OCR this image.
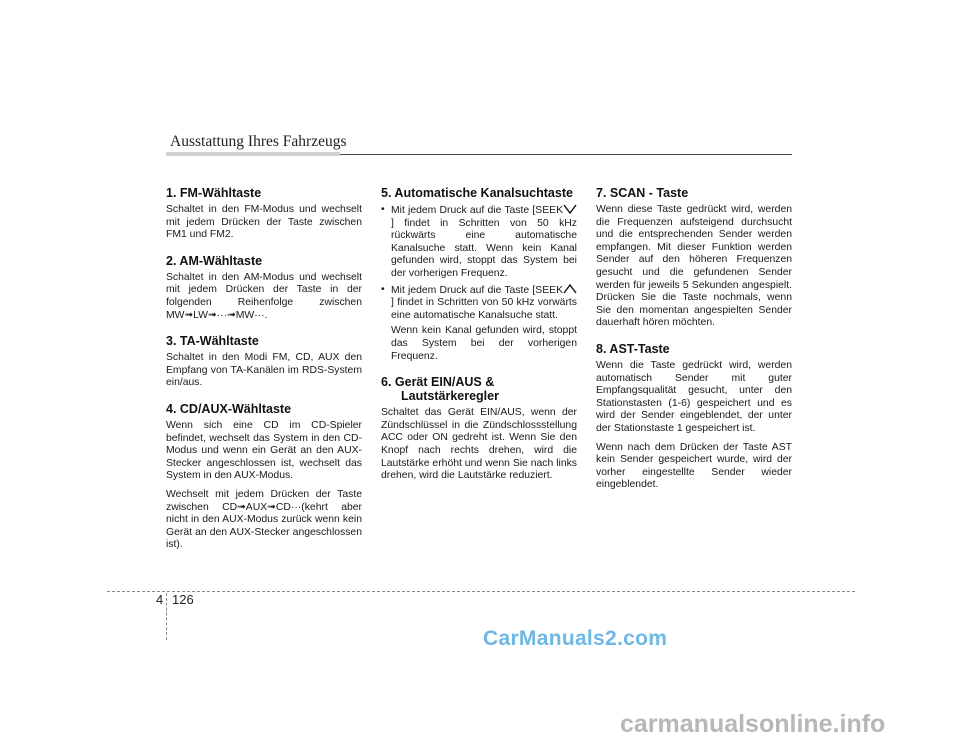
Ausstattung Ihres Fahrzeugs
1. FM-Wähltaste

Schaltet in den FM-Modus und wechselt mit jedem Drücken der Taste zwischen FM1 und FM2.

2. AM-Wähltaste

Schaltet in den AM-Modus und wechselt mit jedem Drücken der Taste in der folgenden Reihenfolge zwischen MW➟LW➟···➟MW···.

3. TA-Wähltaste

Schaltet in den Modi FM, CD, AUX den Empfang von TA-Kanälen im RDS-System ein/aus.

4. CD/AUX-Wähltaste

Wenn sich eine CD im CD-Spieler befindet, wechselt das System in den CD-Modus und wenn ein Gerät an den AUX-Stecker angeschlossen ist, wechselt das System in den AUX-Modus.

Wechselt mit jedem Drücken der Taste zwischen CD➟AUX➟CD···(kehrt aber nicht in den AUX-Modus zurück wenn kein Gerät an den AUX-Stecker angeschlossen ist).

5. Automatische Kanalsuchtaste
• Mit jedem Druck auf die Taste [SEEK] findet in Schritten von 50 kHz rückwärts eine automatische Kanalsuche statt. Wenn kein Kanal gefunden wird, stoppt das System bei der vorherigen Frequenz.
• Mit jedem Druck auf die Taste [SEEK] findet in Schritten von 50 kHz vorwärts eine automatische Kanalsuche statt.

Wenn kein Kanal gefunden wird, stoppt das System bei der vorherigen Frequenz.

6. Gerät EIN/AUS &
Lautstärkeregler

Schaltet das Gerät EIN/AUS, wenn der Zündschlüssel in die Zündschlossstellung ACC oder ON gedreht ist. Wenn Sie den Knopf nach rechts drehen, wird die Lautstärke erhöht und wenn Sie nach links drehen, wird die Lautstärke reduziert.

7. SCAN - Taste

Wenn diese Taste gedrückt wird, werden die Frequenzen aufsteigend durchsucht und die entsprechenden Sender werden empfangen. Mit dieser Funktion werden Sender auf den höheren Frequenzen gesucht und die gefundenen Sender werden für jeweils 5 Sekunden angespielt. Drücken Sie die Taste nochmals, wenn Sie den momentan angespielten Sender dauerhaft hören möchten.

8. AST-Taste

Wenn die Taste gedrückt wird, werden automatisch Sender mit guter Empfangsqualität gesucht, unter den Stationstasten (1-6) gespeichert und es wird der Sender eingeblendet, der unter der Stationstaste 1 gespeichert ist.

Wenn nach dem Drücken der Taste AST kein Sender gespeichert wurde, wird der vorher eingestellte Sender wieder eingeblendet.

4 126
CarManuals2.com
carmanualsonline.info
